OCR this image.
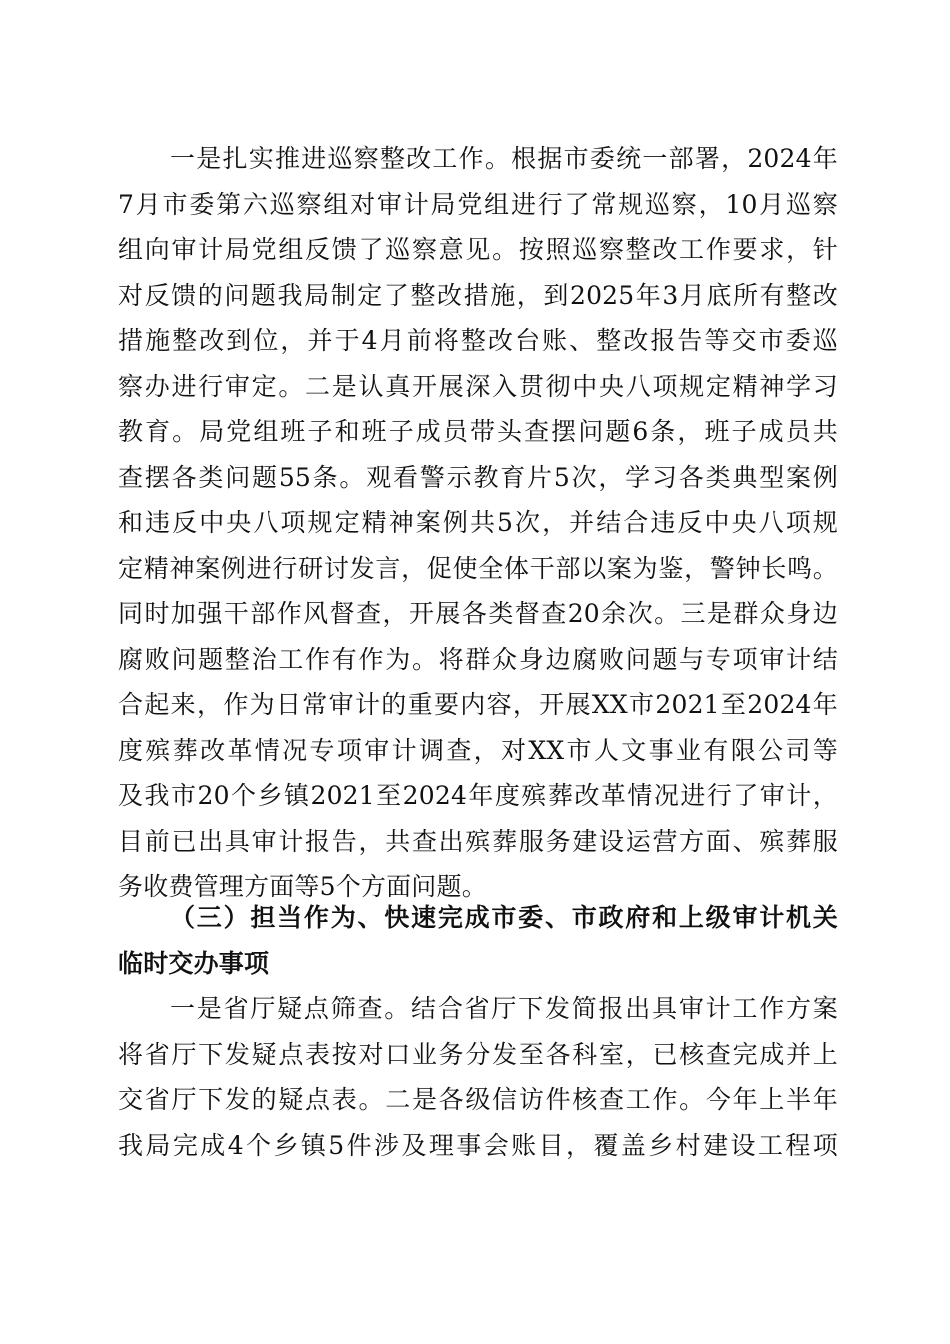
一是扎实推进巡察整改工作。根据市委统一部署，2024年
7月市委第六巡察组对审计局党组进行了常规巡察，10月巡察
组向审计局党组反馈了巡察意见。按照巡察整改工作要求，针
对反馈的问题我局制定了整改措施，到2025年3月底所有整改
措施整改到位，并于4月前将整改台账、整改报告等交市委巡
察办进行审定。二是认真开展深入贯彻中央八项规定精神学习
教育。局党组班子和班子成员带头查摆问题6条，班子成员共
查摆各类问题55条。观看警示教育片5次，学习各类典型案例
和违反中央八项规定精神案例共5次，并结合违反中央八项规
定精神案例进行研讨发言，促使全体干部以案为鉴，警钟长鸣。
同时加强干部作风督查，开展各类督查20余次。三是群众身边
腐败问题整治工作有作为。将群众身边腐败问题与专项审计结
合起来，作为日常审计的重要内容，开展XX市2021至2024年
度殡葬改革情况专项审计调查，对XX市人文事业有限公司等
及我市20个乡镇2021至2024年度殡葬改革情况进行了审计，
目前已出具审计报告，共查出殡葬服务建设运营方面、殡葬服
务收费管理方面等5个方面问题。
（三）担当作为、快速完成市委、市政府和上级审计机关
临时交办事项
一是省厅疑点筛查。结合省厅下发简报出具审计工作方案
将省厅下发疑点表按对口业务分发至各科室，已核查完成并上
交省厅下发的疑点表。二是各级信访件核查工作。今年上半年
我局完成4个乡镇5件涉及理事会账目，覆盖乡村建设工程项
